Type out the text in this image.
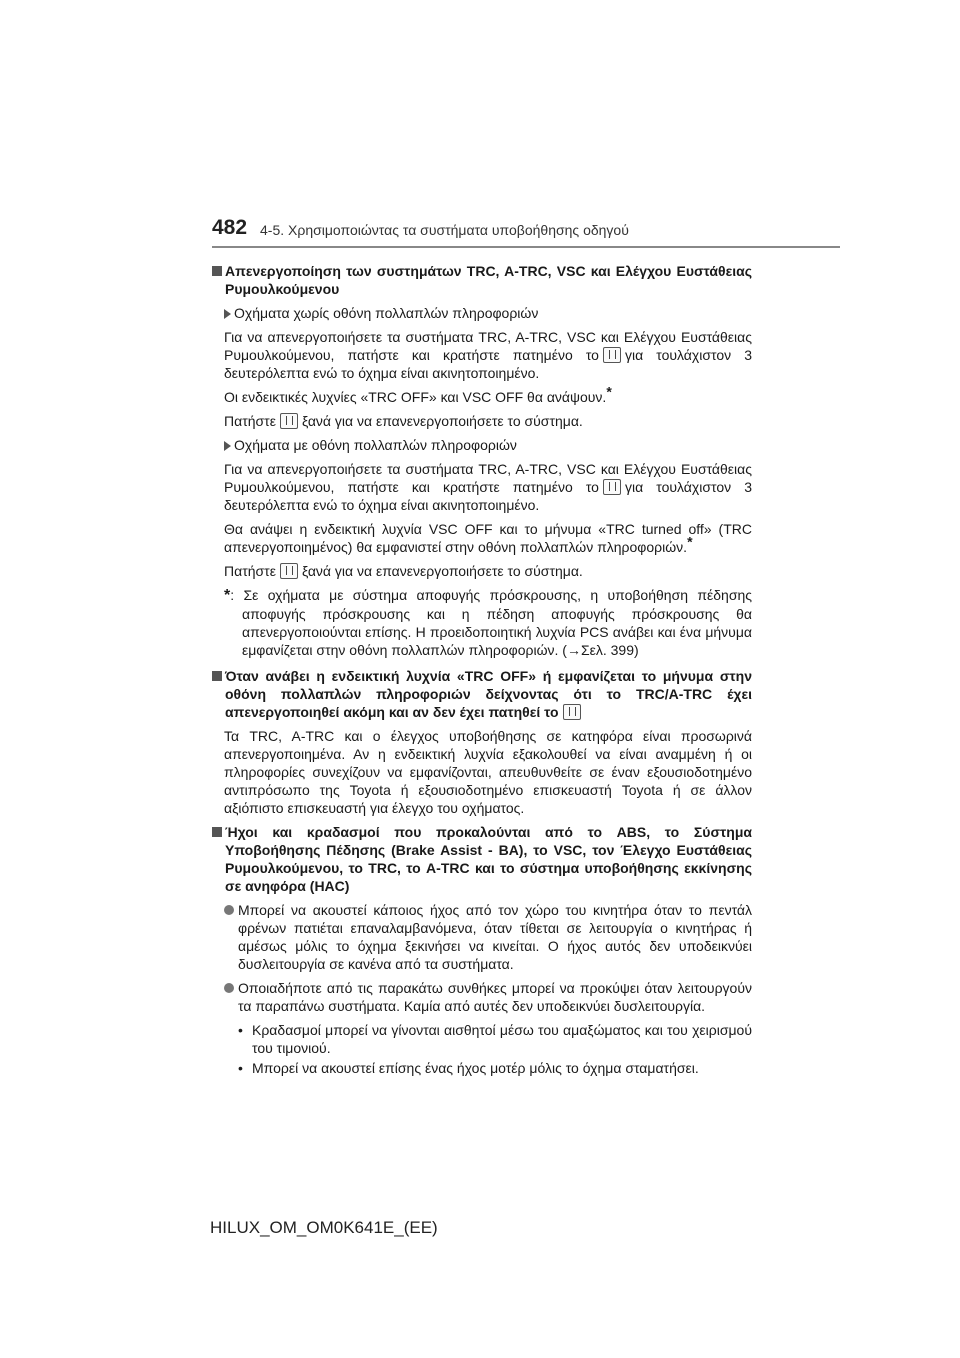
482 4-5. Χρησιμοποιώντας τα συστήματα υποβοήθησης οδηγού
Απενεργοποίηση των συστημάτων TRC, A-TRC, VSC και Ελέγχου Ευστάθειας Ρυμουλκούμενου
Οχήματα χωρίς οθόνη πολλαπλών πληροφοριών

Για να απενεργοποιήσετε τα συστήματα TRC, A-TRC, VSC και Ελέγχου Ευστάθειας Ρυμουλκούμενου, πατήστε και κρατήστε πατημένο το για τουλάχιστον 3 δευτερόλεπτα ενώ το όχημα είναι ακινητοποιημένο.

Οι ενδεικτικές λυχνίες «TRC OFF» και VSC OFF θα ανάψουν.*

Πατήστε ξανά για να επανενεργοποιήσετε το σύστημα.

Οχήματα με οθόνη πολλαπλών πληροφοριών

Για να απενεργοποιήσετε τα συστήματα TRC, A-TRC, VSC και Ελέγχου Ευστάθειας Ρυμουλκούμενου, πατήστε και κρατήστε πατημένο το για τουλάχιστον 3 δευτερόλεπτα ενώ το όχημα είναι ακινητοποιημένο.

Θα ανάψει η ενδεικτική λυχνία VSC OFF και το μήνυμα «TRC turned off» (TRC απενεργοποιημένος) θα εμφανιστεί στην οθόνη πολλαπλών πληροφοριών.*

Πατήστε ξανά για να επανενεργοποιήσετε το σύστημα.

*: Σε οχήματα με σύστημα αποφυγής πρόσκρουσης, η υποβοήθηση πέδησης αποφυγής πρόσκρουσης και η πέδηση αποφυγής πρόσκρουσης θα απενεργοποιούνται επίσης. Η προειδοποιητική λυχνία PCS ανάβει και ένα μήνυμα εμφανίζεται στην οθόνη πολλαπλών πληροφοριών. (→Σελ. 399)
Όταν ανάβει η ενδεικτική λυχνία «TRC OFF» ή εμφανίζεται το μήνυμα στην οθόνη πολλαπλών πληροφοριών δείχνοντας ότι το TRC/A-TRC έχει απενεργοποιηθεί ακόμη και αν δεν έχει πατηθεί το

Τα TRC, A-TRC και ο έλεγχος υποβοήθησης σε κατηφόρα είναι προσωρινά απενεργοποιημένα. Αν η ενδεικτική λυχνία εξακολουθεί να είναι αναμμένη ή οι πληροφορίες συνεχίζουν να εμφανίζονται, απευθυνθείτε σε έναν εξουσιοδοτημένο αντιπρόσωπο της Toyota ή εξουσιοδοτημένο επισκευαστή Toyota ή σε άλλον αξιόπιστο επισκευαστή για έλεγχο του οχήματος.

Ήχοι και κραδασμοί που προκαλούνται από το ABS, το Σύστημα Υποβοήθησης Πέδησης (Brake Assist - BA), το VSC, τον Έλεγχο Ευστάθειας Ρυμουλκούμενου, το TRC, το A-TRC και το σύστημα υποβοήθησης εκκίνησης σε ανηφόρα (HAC)
Μπορεί να ακουστεί κάποιος ήχος από τον χώρο του κινητήρα όταν το πεντάλ φρένων πατιέται επαναλαμβανόμενα, όταν τίθεται σε λειτουργία ο κινητήρας ή αμέσως μόλις το όχημα ξεκινήσει να κινείται. Ο ήχος αυτός δεν υποδεικνύει δυσλειτουργία σε κανένα από τα συστήματα.
Οποιαδήποτε από τις παρακάτω συνθήκες μπορεί να προκύψει όταν λειτουργούν τα παραπάνω συστήματα. Καμία από αυτές δεν υποδεικνύει δυσλειτουργία.
• Κραδασμοί μπορεί να γίνονται αισθητοί μέσω του αμαξώματος και του χειρισμού του τιμονιού.
• Μπορεί να ακουστεί επίσης ένας ήχος μοτέρ μόλις το όχημα σταματήσει.
HILUX_OM_OM0K641E_(EE)
